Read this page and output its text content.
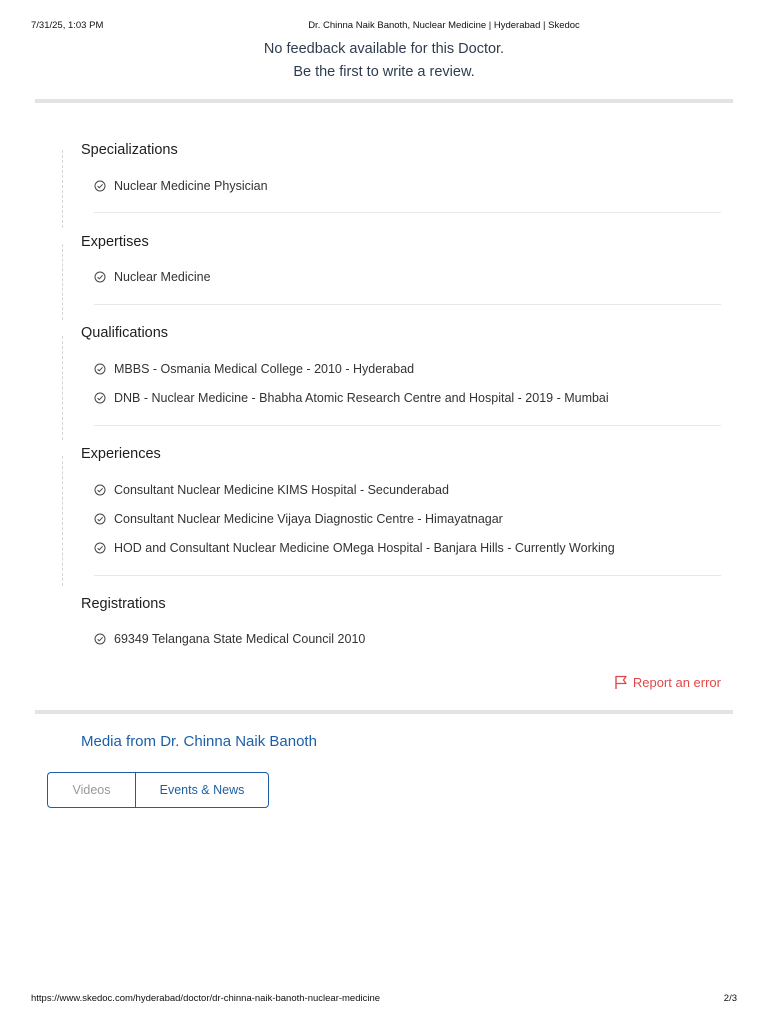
7/31/25, 1:03 PM	Dr. Chinna Naik Banoth, Nuclear Medicine | Hyderabad | Skedoc
No feedback available for this Doctor.
Be the first to write a review.
Specializations
Nuclear Medicine Physician
Expertises
Nuclear Medicine
Qualifications
MBBS - Osmania Medical College - 2010 - Hyderabad
DNB - Nuclear Medicine - Bhabha Atomic Research Centre and Hospital - 2019 - Mumbai
Experiences
Consultant Nuclear Medicine KIMS Hospital - Secunderabad
Consultant Nuclear Medicine Vijaya Diagnostic Centre - Himayatnagar
HOD and Consultant Nuclear Medicine OMega Hospital - Banjara Hills - Currently Working
Registrations
69349 Telangana State Medical Council 2010
Report an error
Media from Dr. Chinna Naik Banoth
Videos	Events & News
https://www.skedoc.com/hyderabad/doctor/dr-chinna-naik-banoth-nuclear-medicine	2/3
